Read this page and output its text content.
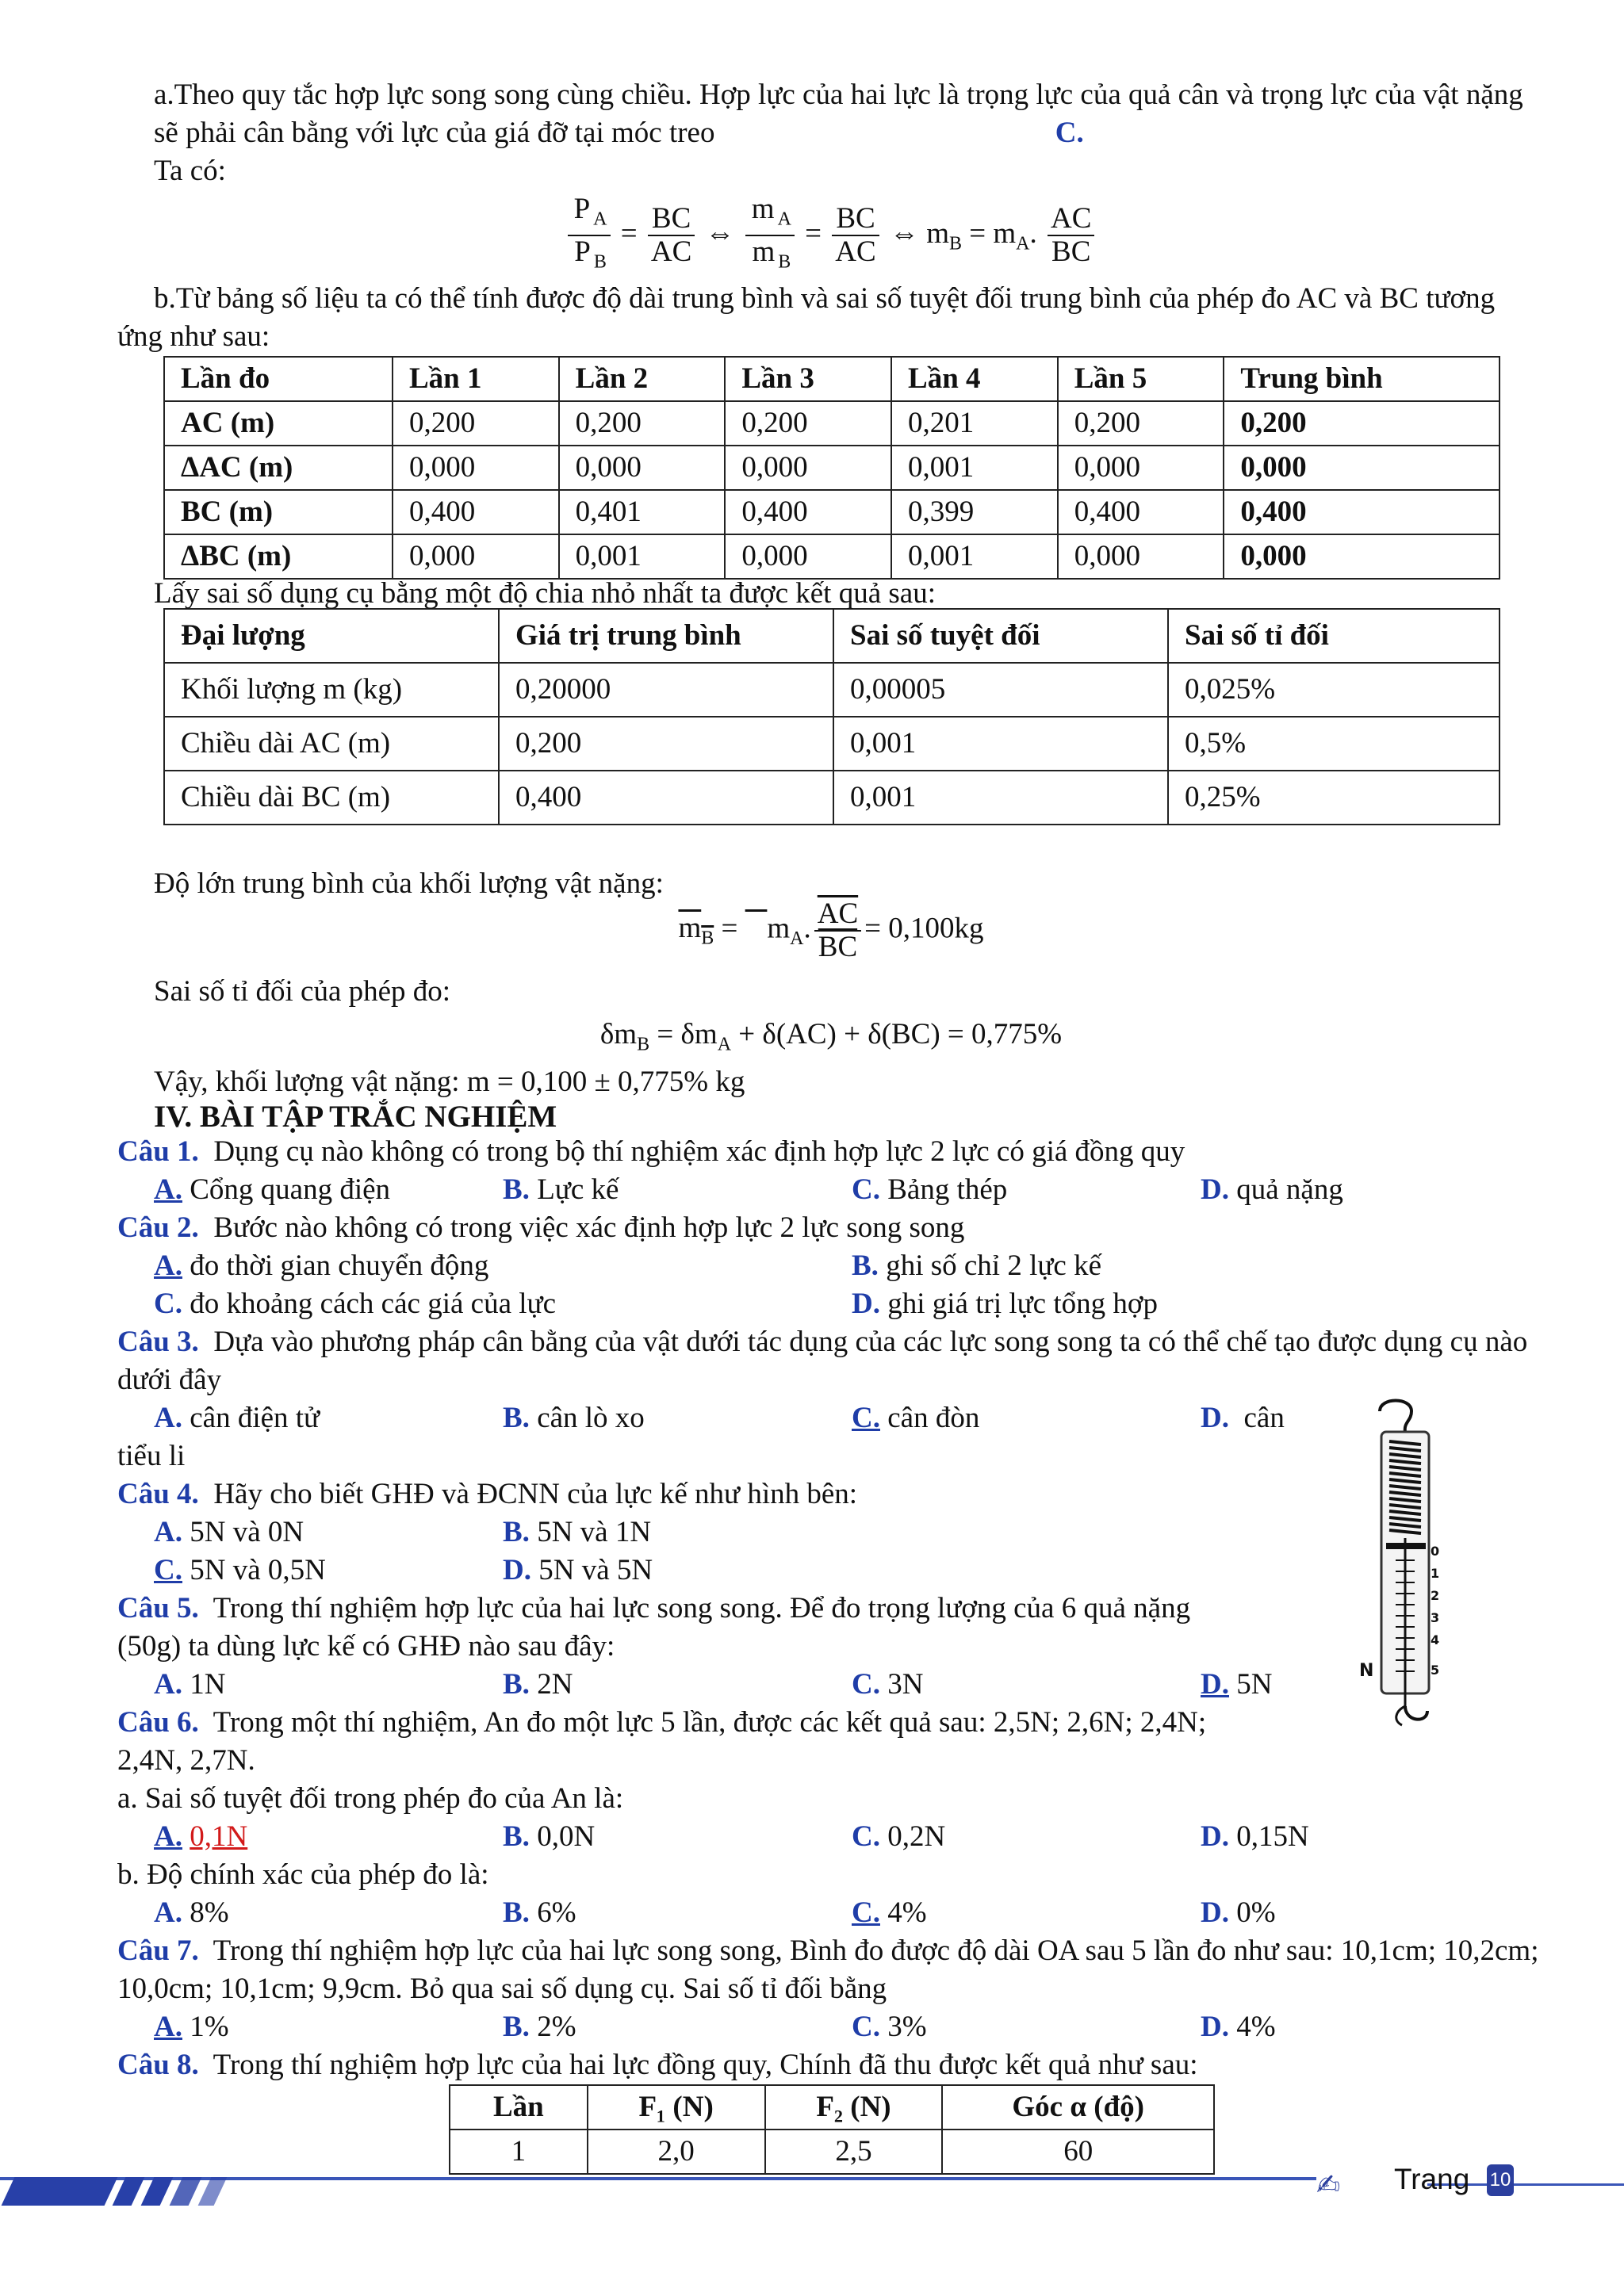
a.Theo quy tắc hợp lực song song cùng chiều. Hợp lực của hai lực là trọng lực của quả cân và trọng lực của vật nặng sẽ phải cân bằng với lực của giá đỡ tại móc treo	C.

Ta có:

$\frac{P _A}{P _B} = \frac{BC}{AC}$ ⇔ $\frac{m _A}{m _B} = \frac{BC}{AC}$ ⇔ $m_B = m_A$. $\frac{AC}{BC}$

b.Từ bảng số liệu ta có thể tính được độ dài trung bình và sai số tuyệt đối trung bình của phép đo AC và BC tương ứng như sau:

Lần đo	Lần 1	Lần 2	Lần 3	Lần 4	Lần 5	Trung bình
AC (m)	0,200	0,200	0,200	0,201	0,200	0,200
ΔAC (m)	0,000	0,000	0,000	0,001	0,000	0,000
BC (m)	0,400	0,401	0,400	0,399	0,400	0,400
ΔBC (m)	0,000	0,001	0,000	0,001	0,000	0,000

Lấy sai số dụng cụ bằng một độ chia nhỏ nhất ta được kết quả sau:

Đại lượng	Giá trị trung bình	Sai số tuyệt đối	Sai số tỉ đối
Khối lượng m (kg)	0,20000	0,00005	0,025%
Chiều dài AC (m)	0,200	0,001	0,5%
Chiều dài BC (m)	0,400	0,001	0,25%

Độ lớn trung bình của khối lượng vật nặng:

$m_B$ =    $m_A$. $\frac{\overline{AC}}{BC} = 0,100kg$

Sai số tỉ đối của phép đo:

$\delta m_B = \delta m_A + \delta(AC) + \delta(BC) = 0,775\%$

Vậy, khối lượng vật nặng: m = 0,100 ± 0,775% kg

IV. BÀI TẬP TRẮC NGHIỆM

Câu 1. Dụng cụ nào không có trong bộ thí nghiệm xác định hợp lực 2 lực có giá đồng quy

A. Cổng quang điện	B. Lực kế	C. Bảng thép	D. quả nặng

Câu 2. Bước nào không có trong việc xác định hợp lực 2 lực song song

A. đo thời gian chuyển động	B. ghi số chỉ 2 lực kế
C. đo khoảng cách các giá của lực	D. ghi giá trị lực tổng hợp

Câu 3. Dựa vào phương pháp cân bằng của vật dưới tác dụng của các lực song song ta có thể chế tạo được dụng cụ nào dưới đây

A. cân điện tử	B. cân lò xo	C. cân đòn	D. cân

tiểu li

Câu 4. Hãy cho biết GHĐ và ĐCNN của lực kế như hình bên:

A. 5N và 0N	B. 5N và 1N
C. 5N và 0,5N	D. 5N và 5N

Câu 5. Trong thí nghiệm hợp lực của hai lực song song. Để đo trọng lượng của 6 quả nặng (50g) ta dùng lực kế có GHĐ nào sau đây:

A. 1N	B. 2N	C. 3N	D. 5N

Câu 6. Trong một thí nghiệm, An đo một lực 5 lần, được các kết quả sau: 2,5N; 2,6N; 2,4N; 2,4N, 2,7N.

a. Sai số tuyệt đối trong phép đo của An là:

A. 0,1N	B. 0,0N	C. 0,2N	D. 0,15N

b. Độ chính xác của phép đo là:

A. 8%	B. 6%	C. 4%	D. 0%

Câu 7. Trong thí nghiệm hợp lực của hai lực song song, Bình đo được độ dài OA sau 5 lần đo như sau: 10,1cm; 10,2cm; 10,0cm; 10,1cm; 9,9cm. Bỏ qua sai số dụng cụ. Sai số tỉ đối bằng

A. 1%	B. 2%	C. 3%	D. 4%

Câu 8. Trong thí nghiệm hợp lực của hai lực đồng quy, Chính đã thu được kết quả như sau:

Lần	F₁ (N)	F₂ (N)	Góc α (độ)
1	2,0	2,5	60
0
1
2
3
4
5
N
✍ Trang 10
